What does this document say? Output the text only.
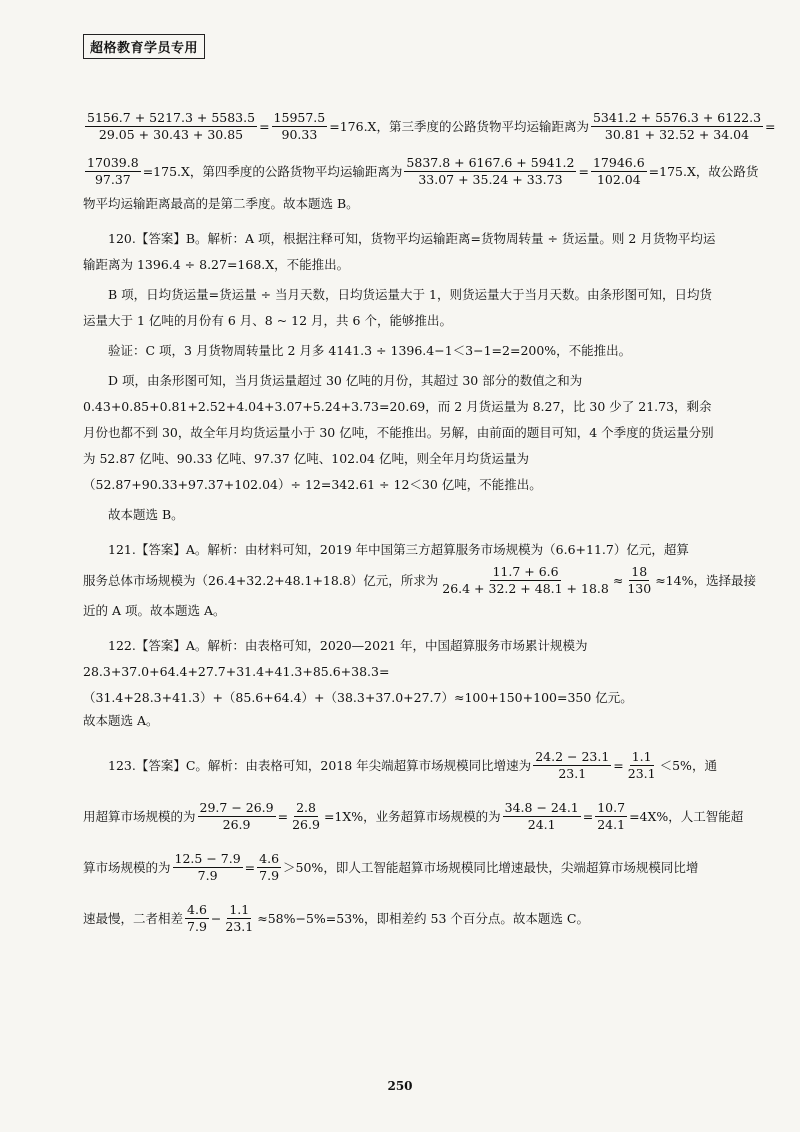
超格教育学员专用
$\frac{5156.7 + 5217.3 + 5583.5}{29.05 + 30.43 + 30.85} = \frac{15957.5}{90.33} =176.X$，第三季度的公路货物平均运输距离为 $\frac{5341.2 + 5576.3 + 6122.3}{30.81 + 32.52 + 34.04}$ =
$\frac{17039.8}{97.37} =175.X$，第四季度的公路货物平均运输距离为 $\frac{5837.8 + 6167.6 + 5941.2}{33.07 + 35.24 + 33.73} = \frac{17946.6}{102.04} =175.X$，故公路货

物平均运输距离最高的是第二季度。故本题选 B。

120.【答案】B。解析：A 项，根据注释可知，货物平均运输距离=货物周转量 ÷ 货运量。则 2 月货物平均运输距离为 1396.4 ÷ 8.27=168.X，不能推出。

B 项，日均货运量=货运量 ÷ 当月天数，日均货运量大于 1，则货运量大于当月天数。由条形图可知，日均货运量大于 1 亿吨的月份有 6 月、8 ~ 12 月，共 6 个，能够推出。

验证：C 项，3 月货物周转量比 2 月多 4141.3 ÷ 1396.4−1＜3−1=2=200%，不能推出。

D 项，由条形图可知，当月货运量超过 30 亿吨的月份，其超过 30 部分的数值之和为 0.43+0.85+0.81+2.52+4.04+3.07+5.24+3.73=20.69，而 2 月货运量为 8.27，比 30 少了 21.73，剩余月份也都不到 30，故全年月均货运量小于 30 亿吨，不能推出。另解，由前面的题目可知，4 个季度的货运量分别为 52.87 亿吨、90.33 亿吨、97.37 亿吨、102.04 亿吨，则全年月均货运量为（52.87+90.33+97.37+102.04）÷ 12=342.61 ÷ 12＜30 亿吨，不能推出。

故本题选 B。

121.【答案】A。解析：由材料可知，2019 年中国第三方超算服务市场规模为（6.6+11.7）亿元，超算

服务总体市场规模为（26.4+32.2+48.1+18.8）亿元，所求为 $\frac{11.7 + 6.6}{26.4 + 32.2 + 48.1 + 18.8} \approx \frac{18}{130} \approx 14\%$，选择最接

近的 A 项。故本题选 A。

122.【答案】A。解析：由表格可知，2020—2021 年，中国超算服务市场累计规模为 28.3+37.0+64.4+27.7+31.4+41.3+85.6+38.3=（31.4+28.3+41.3）+（85.6+64.4）+（38.3+37.0+27.7）≈100+150+100=350 亿元。

故本题选 A。

123.【答案】C。解析：由表格可知，2018 年尖端超算市场规模同比增速为 $\frac{24.2 - 23.1}{23.1} = \frac{1.1}{23.1} <5\%$，通
用超算市场规模的为 $\frac{29.7 - 26.9}{26.9} = \frac{2.8}{26.9} =1X\%$，业务超算市场规模的为 $\frac{34.8 - 24.1}{24.1} = \frac{10.7}{24.1} =4X\%$，人工智能超
算市场规模的为 $\frac{12.5 - 7.9}{7.9} = \frac{4.6}{7.9} >50\%$，即人工智能超算市场规模同比增速最快，尖端超算市场规模同比增
速最慢，二者相差 $\frac{4.6}{7.9} - \frac{1.1}{23.1} \approx 58\%-5\%=53\%$，即相差约 53 个百分点。故本题选 C。
250
